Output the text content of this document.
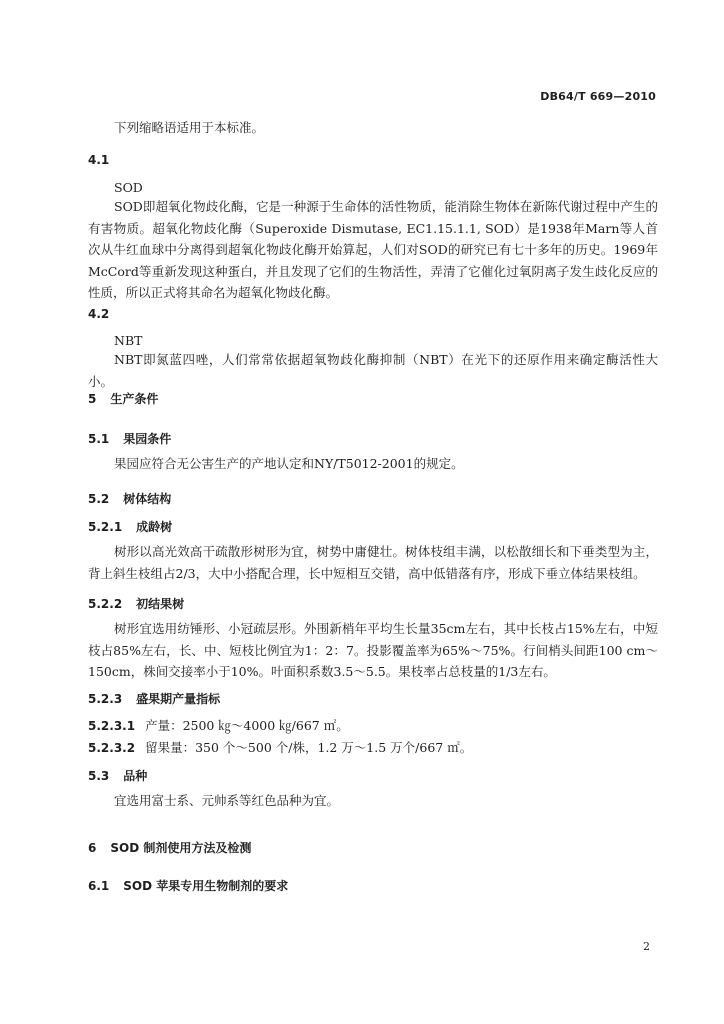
DB64/T 669—2010
下列缩略语适用于本标准。
4.1
SOD
SOD即超氧化物歧化酶，它是一种源于生命体的活性物质，能消除生物体在新陈代谢过程中产生的有害物质。超氧化物歧化酶（Superoxide Dismutase, EC1.15.1.1, SOD）是1938年Marn等人首次从牛红血球中分离得到超氧化物歧化酶开始算起，人们对SOD的研究已有七十多年的历史。1969年McCord等重新发现这种蛋白，并且发现了它们的生物活性，弄清了它催化过氧阴离子发生歧化反应的性质，所以正式将其命名为超氧化物歧化酶。
4.2
NBT
NBT即氮蓝四唑，人们常常依据超氧物歧化酶抑制（NBT）在光下的还原作用来确定酶活性大小。
5 生产条件
5.1 果园条件
果园应符合无公害生产的产地认定和NY/T5012-2001的规定。
5.2 树体结构
5.2.1 成龄树
树形以高光效高干疏散形树形为宜，树势中庸健壮。树体枝组丰满，以松散细长和下垂类型为主，背上斜生枝组占2/3，大中小搭配合理，长中短相互交错，高中低错落有序，形成下垂立体结果枝组。
5.2.2 初结果树
树形宜选用纺锤形、小冠疏层形。外围新梢年平均生长量35cm左右，其中长枝占15%左右，中短枝占85%左右，长、中、短枝比例宜为1：2：7。投影覆盖率为65%～75%。行间梢头间距100 cm～150cm，株间交接率小于10%。叶面积系数3.5～5.5。果枝率占总枝量的1/3左右。
5.2.3 盛果期产量指标
5.2.3.1 产量：2500 ㎏～4000 ㎏/667 ㎡。
5.2.3.2 留果量：350 个～500 个/株，1.2 万～1.5 万个/667 ㎡。
5.3 品种
宜选用富士系、元帅系等红色品种为宜。
6 SOD 制剂使用方法及检测
6.1 SOD 苹果专用生物制剂的要求
2
